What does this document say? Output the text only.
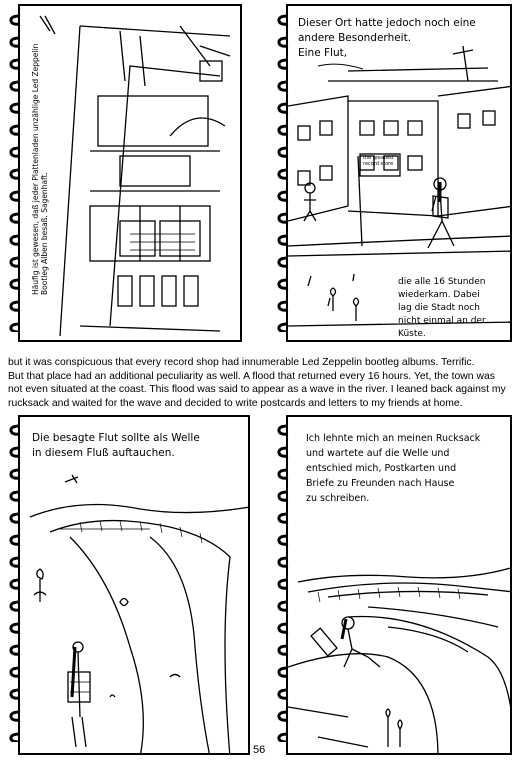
Häufig ist gewesen, daß jeder Plattenladen unzählige Led Zeppelin Bootleg Alben besaß. Sagenhaft.
Dieser Ort hatte jedoch noch eine
andere Besonderheit.
Eine Flut,
the greatest record store
die alle 16 Stunden
wiederkam. Dabei
lag die Stadt noch
nicht einmal an der
Küste.

but it was conspicuous that every record shop had innumerable Led Zeppelin bootleg albums. Terrific.

But that place had an additional peculiarity as well. A flood that returned every 16 hours. Yet, the town was

not even situated at the coast. This flood was said to appear as a wave in the river. I leaned back against my

rucksack and waited for the wave and decided to write postcards and letters to my friends at home.

Die besagte Flut sollte als Welle
in diesem Fluß auftauchen.
Ich lehnte mich an meinen Rucksack
und wartete auf die Welle und
entschied mich, Postkarten und
Briefe zu Freunden nach Hause
zu schreiben.
56
